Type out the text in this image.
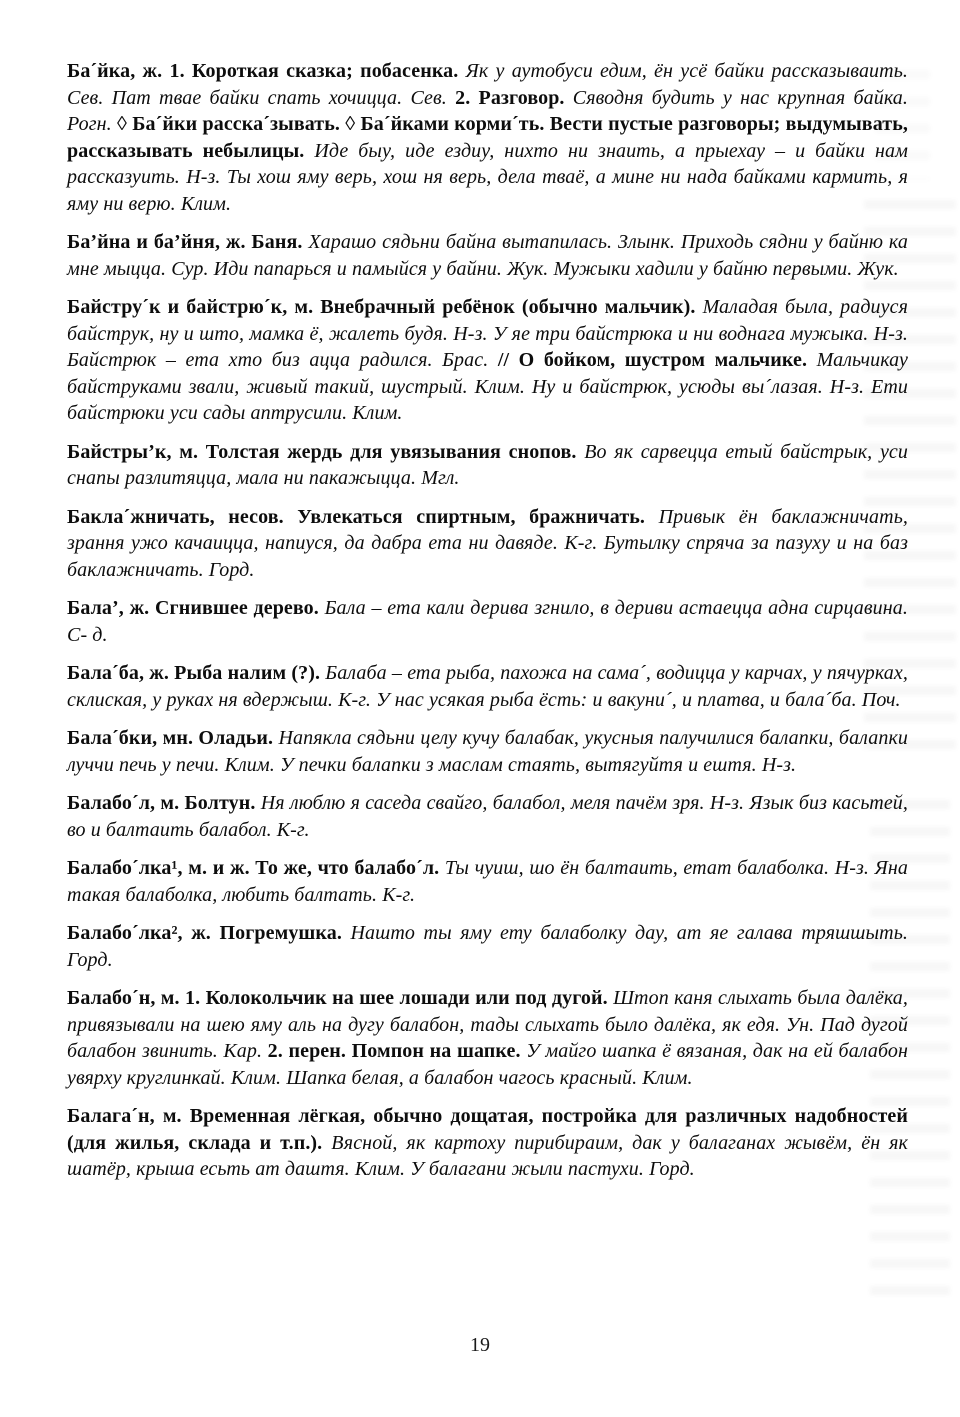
Ба´йка, ж. 1. Короткая сказка; побасенка. Як у аутобуси едим, ён усё байки рассказываить. Сев. Пат твае байки спать хочицца. Сев. 2. Разговор. Сяводня будить у нас крупная байка. Рогн. ◊ Ба´йки расска´зывать. ◊ Ба´йками корми´ть. Вести пустые разговоры; выдумывать, рассказывать небылицы. Иде быу, иде ездиу, нихто ни знаить, а прыехау – и байки нам рассказуить. Н-з. Ты хош яму верь, хош ня верь, дела тваё, а мине ни нада байками кармить, я яму ни верю. Клим.

Ба’йна и ба’йня, ж. Баня. Харашо сядьни байна вытапилась. Злынк. Приходь сядни у байню ка мне мыцца. Сур. Иди папарься и памыйся у байни. Жук. Мужыки хадили у байню первыми. Жук.

Байстру´к и байстрю´к, м. Внебрачный ребёнок (обычно мальчик). Маладая была, радиуся байструк, ну и што, мамка ё, жалеть будя. Н-з. У яе три байстрюка и ни воднага мужыка. Н-з. Байстрюк – ета хто биз ацца радился. Брас. // О бойком, шустром мальчике. Мальчикау байструками звали, живый такий, шустрый. Клим. Ну и байстрюк, усюды вы´лазая. Н-з. Ети байстрюки уси сады аптрусили. Клим.

Байстры’к, м. Толстая жердь для увязывания снопов. Во як сарвецца етый байстрык, уси снапы разлитяцца, мала ни пакажыцца. Мгл.

Бакла´жничать, несов. Увлекаться спиртным, бражничать. Привык ён баклажничать, зрання ужо качаицца, напиуся, да дабра ета ни давяде. К-г. Бутылку спряча за пазуху и на баз баклажничать. Горд.

Бала’, ж. Сгнившее дерево. Бала – ета кали дерива згнило, в дериви астаецца адна сирцавина. С- д.

Бала´ба, ж. Рыба налим (?). Балаба – ета рыба, пахожа на сама´, водицца у карчах, у пячурках, склиская, у руках ня вдержыш. К-г. У нас усякая рыба ёсть: и вакуни´, и платва, и бала´ба. Поч.

Бала´бки, мн. Оладьи. Напякла сядьни целу кучу балабак, укусныя палучилися балапки, балапки луччи печь у печи. Клим. У печки балапки з маслам стаять, вытягуйтя и ештя. Н-з.

Балабо´л, м. Болтун. Ня люблю я саседа свайго, балабол, меля пачём зря. Н-з. Язык биз касьтей, во и балтаить балабол. К-г.

Балабо´лка¹, м. и ж. То же, что балабо´л. Ты чуиш, шо ён балтаить, етат балаболка. Н-з. Яна такая балаболка, любить балтать. К-г.

Балабо´лка², ж. Погремушка. Нашто ты яму ету балаболку дау, ат яе галава тряшшыть. Горд.

Балабо´н, м. 1. Колокольчик на шее лошади или под дугой. Штоп каня слыхать была далёка, привязывали на шею яму аль на дугу балабон, тады слыхать было далёка, як едя. Ун. Пад дугой балабон звинить. Кар. 2. перен. Помпон на шапке. У майго шапка ё вязаная, дак на ей балабон увярху круглинкай. Клим. Шапка белая, а балабон чагось красный. Клим.

Балага´н, м. Временная лёгкая, обычно дощатая, постройка для различных надобностей (для жилья, склада и т.п.). Вясной, як картоху пирибираим, дак у балаганах жывём, ён як шатёр, крыша есьть ат даштя. Клим. У балагани жыли пастухи. Горд.

19
